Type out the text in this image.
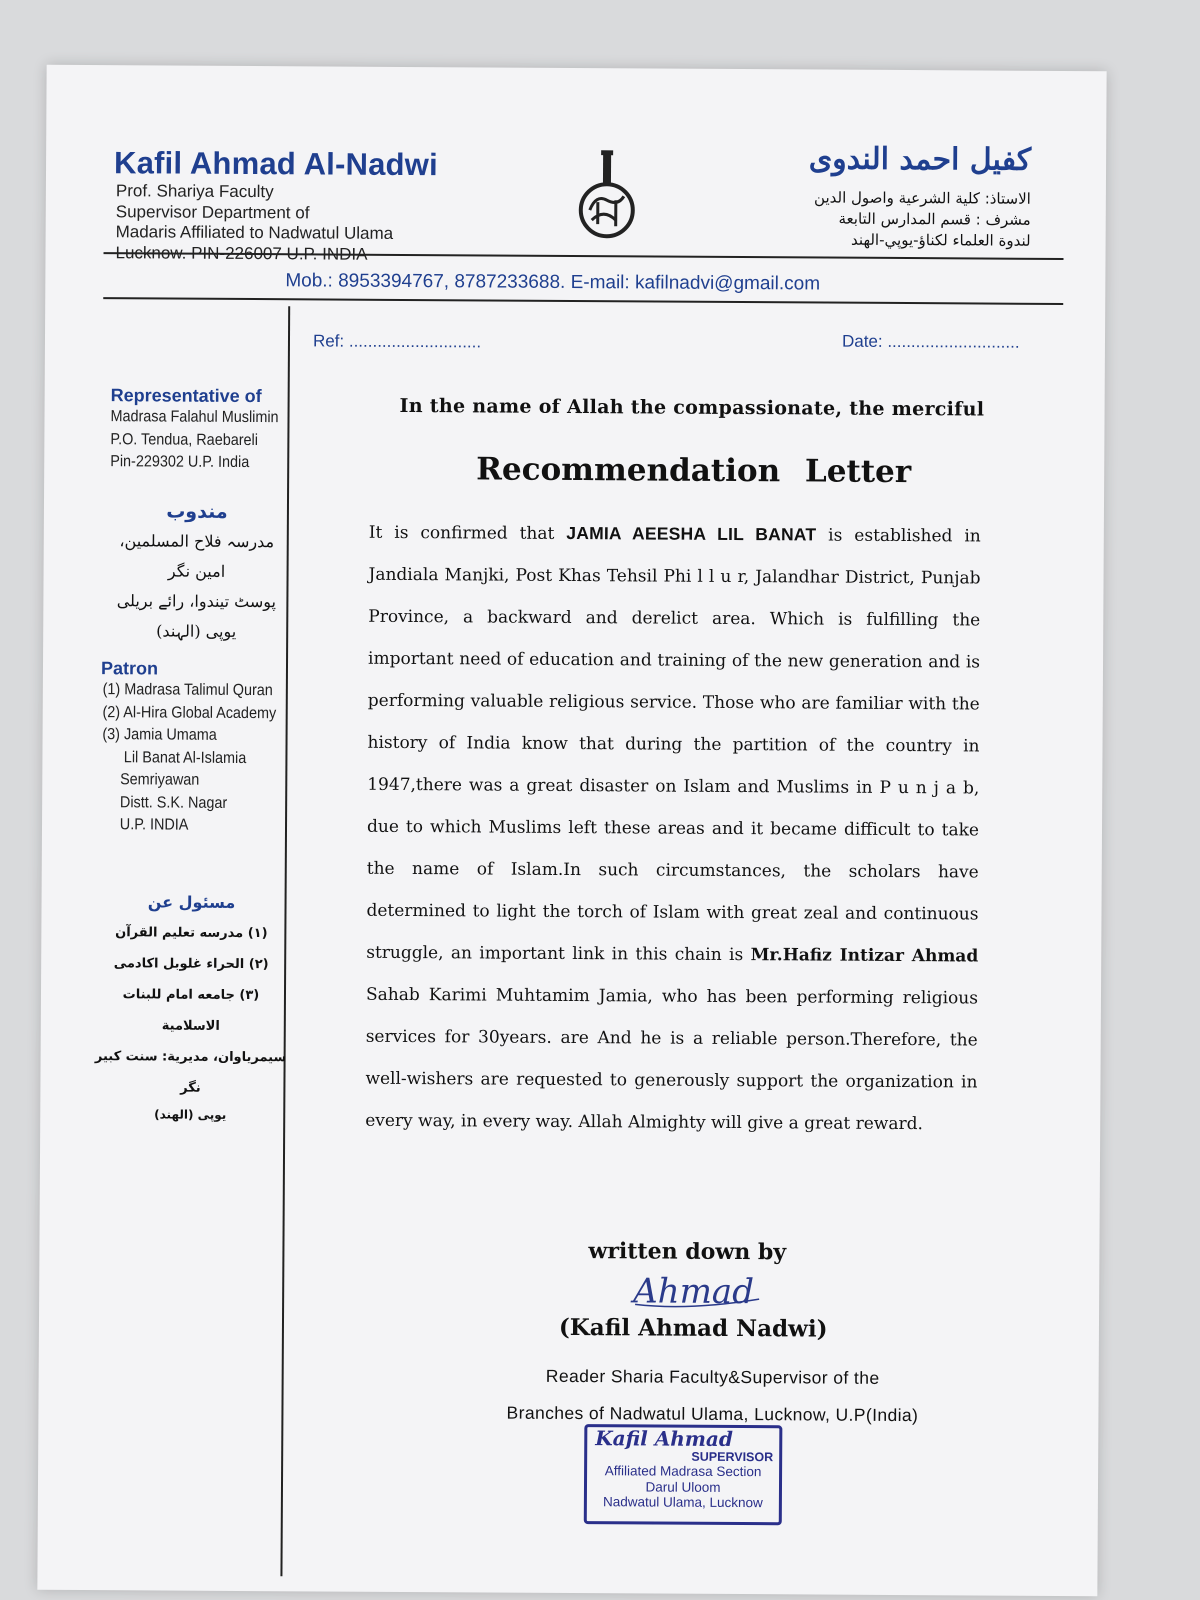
Kafil Ahmad Al-Nadwi
Prof. Shariya Faculty
Supervisor Department of
Madaris Affiliated to Nadwatul Ulama
Lucknow. PIN-226007 U.P. INDIA
كفيل احمد الندوى
الاستاذ: كلية الشرعية واصول الدين
مشرف : قسم المدارس التابعة
لندوة العلماء لكناؤ-يوپي-الهند
Mob.: 8953394767, 8787233688. E-mail: kafilnadvi@gmail.com
Ref: ............................	Date: ............................
Representative of
Madrasa Falahul Muslimin
P.O. Tendua, Raebareli
Pin-229302 U.P. India
مندوب
مدرسہ فلاح المسلمین، امین نگر
پوسٹ تیندوا، رائے بریلی
یوپی (الہند)
Patron
(1) Madrasa Talimul Quran
(2) Al-Hira Global Academy
(3) Jamia Umama
Lil Banat Al-Islamia
Semriyawan
Distt. S.K. Nagar
U.P. INDIA
مسئول عن
(١) مدرسه تعليم القرآن
(٢) الحراء غلوبل اكادمى
(٣) جامعه امام للبنات الاسلامية
سيمرياوان، مديرية: سنت كبير نگر
يوپى (الهند)
In the name of Allah the compassionate, the merciful
Recommendation Letter
It is confirmed that JAMIA AEESHA LIL BANAT is established in Jandiala Manjki, Post Khas Tehsil Phi l l u r, Jalandhar District, Punjab Province, a backward and derelict area. Which is fulfilling the important need of education and training of the new generation and is performing valuable religious service. Those who are familiar with the history of India know that during the partition of the country in 1947,there was a great disaster on Islam and Muslims in P u n j a b, due to which Muslims left these areas and it became difficult to take the name of Islam.In such circumstances, the scholars have determined to light the torch of Islam with great zeal and continuous struggle, an important link in this chain is Mr.Hafiz Intizar Ahmad Sahab Karimi Muhtamim Jamia, who has been performing religious services for 30years. are And he is a reliable person.Therefore, the well-wishers are requested to generously support the organization in every way, in every way. Allah Almighty will give a great reward.
written down by
Ahmad
(Kafil Ahmad Nadwi)
Reader Sharia Faculty&Supervisor of the
Branches of Nadwatul Ulama, Lucknow, U.P(India)
Kafil Ahmad
SUPERVISOR
Affiliated Madrasa Section
Darul Uloom
Nadwatul Ulama, Lucknow
